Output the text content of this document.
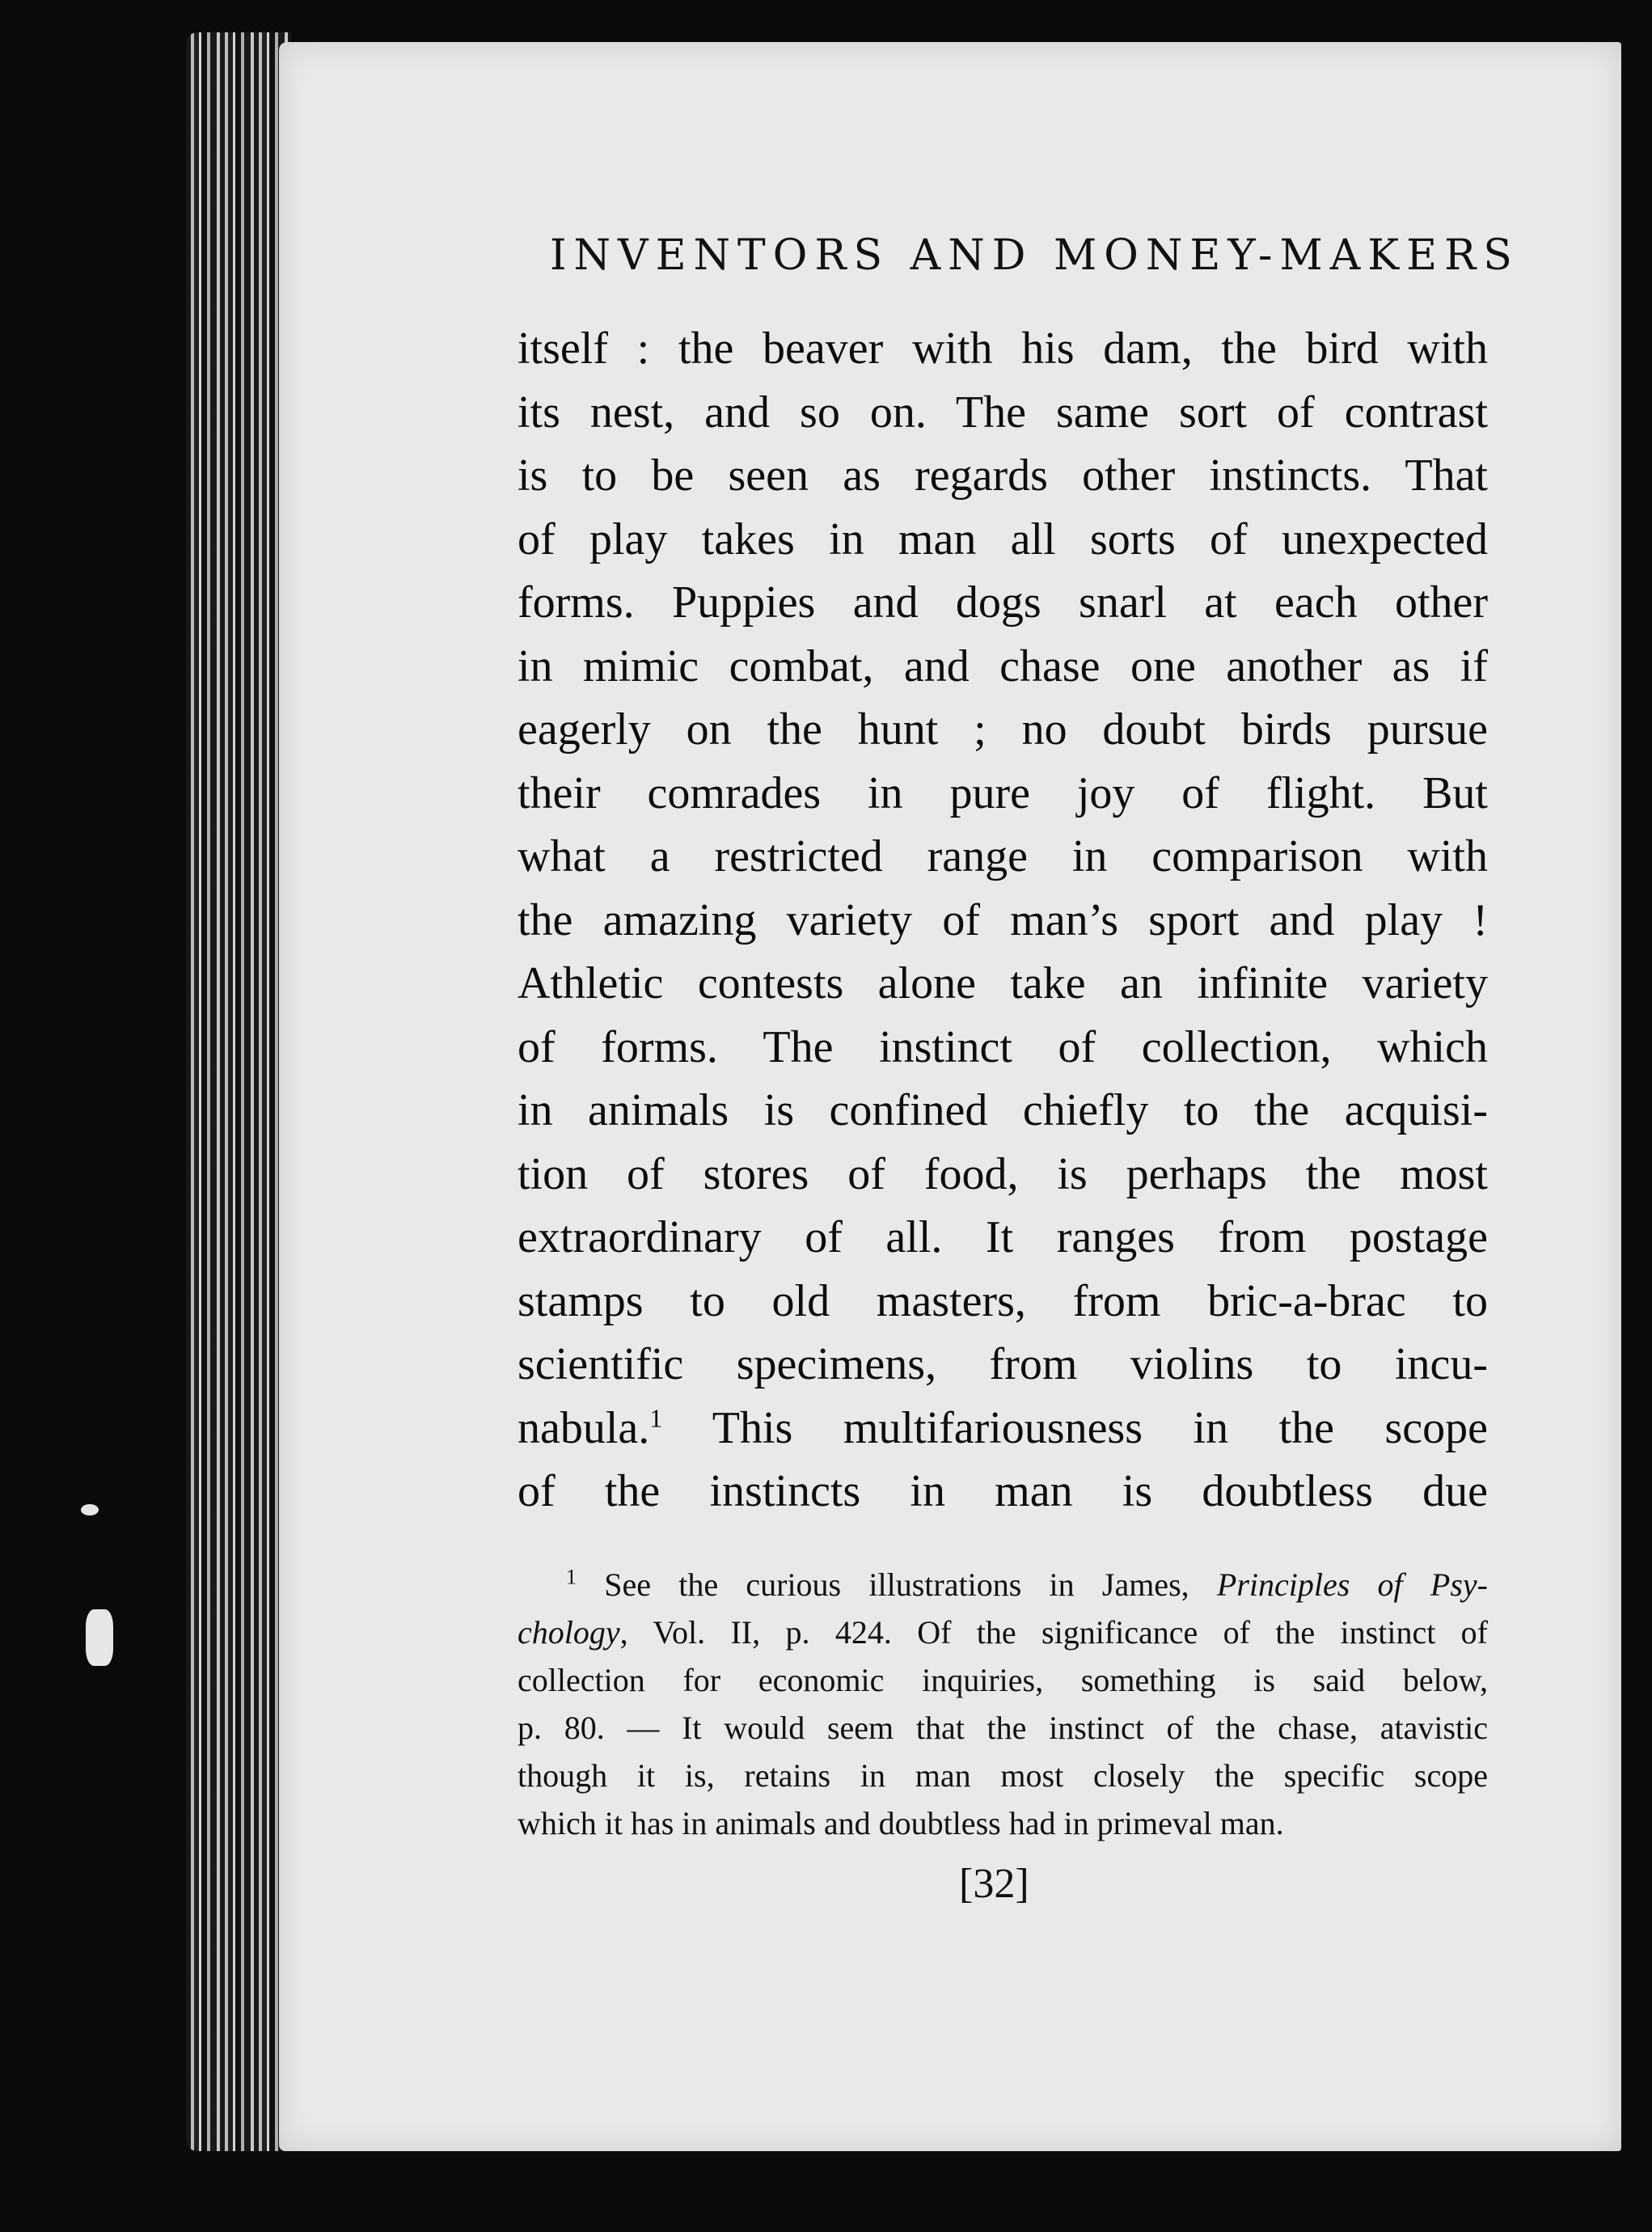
INVENTORS AND MONEY-MAKERS
itself : the beaver with his dam, the bird with
its nest, and so on. The same sort of contrast
is to be seen as regards other instincts. That
of play takes in man all sorts of unexpected
forms. Puppies and dogs snarl at each other
in mimic combat, and chase one another as if
eagerly on the hunt ; no doubt birds pursue
their comrades in pure joy of flight. But
what a restricted range in comparison with
the amazing variety of man’s sport and play !
Athletic contests alone take an infinite variety
of forms. The instinct of collection, which
in animals is confined chiefly to the acquisi-
tion of stores of food, is perhaps the most
extraordinary of all. It ranges from postage
stamps to old masters, from bric-a-brac to
scientific specimens, from violins to incu-
nabula.$^1$ This multifariousness in the scope
of the instincts in man is doubtless due
$^1$ See the curious illustrations in James, Principles of Psy-
chology, Vol. II, p. 424. Of the significance of the instinct of
collection for economic inquiries, something is said below,
p. 80. — It would seem that the instinct of the chase, atavistic
though it is, retains in man most closely the specific scope
which it has in animals and doubtless had in primeval man.
[32]
